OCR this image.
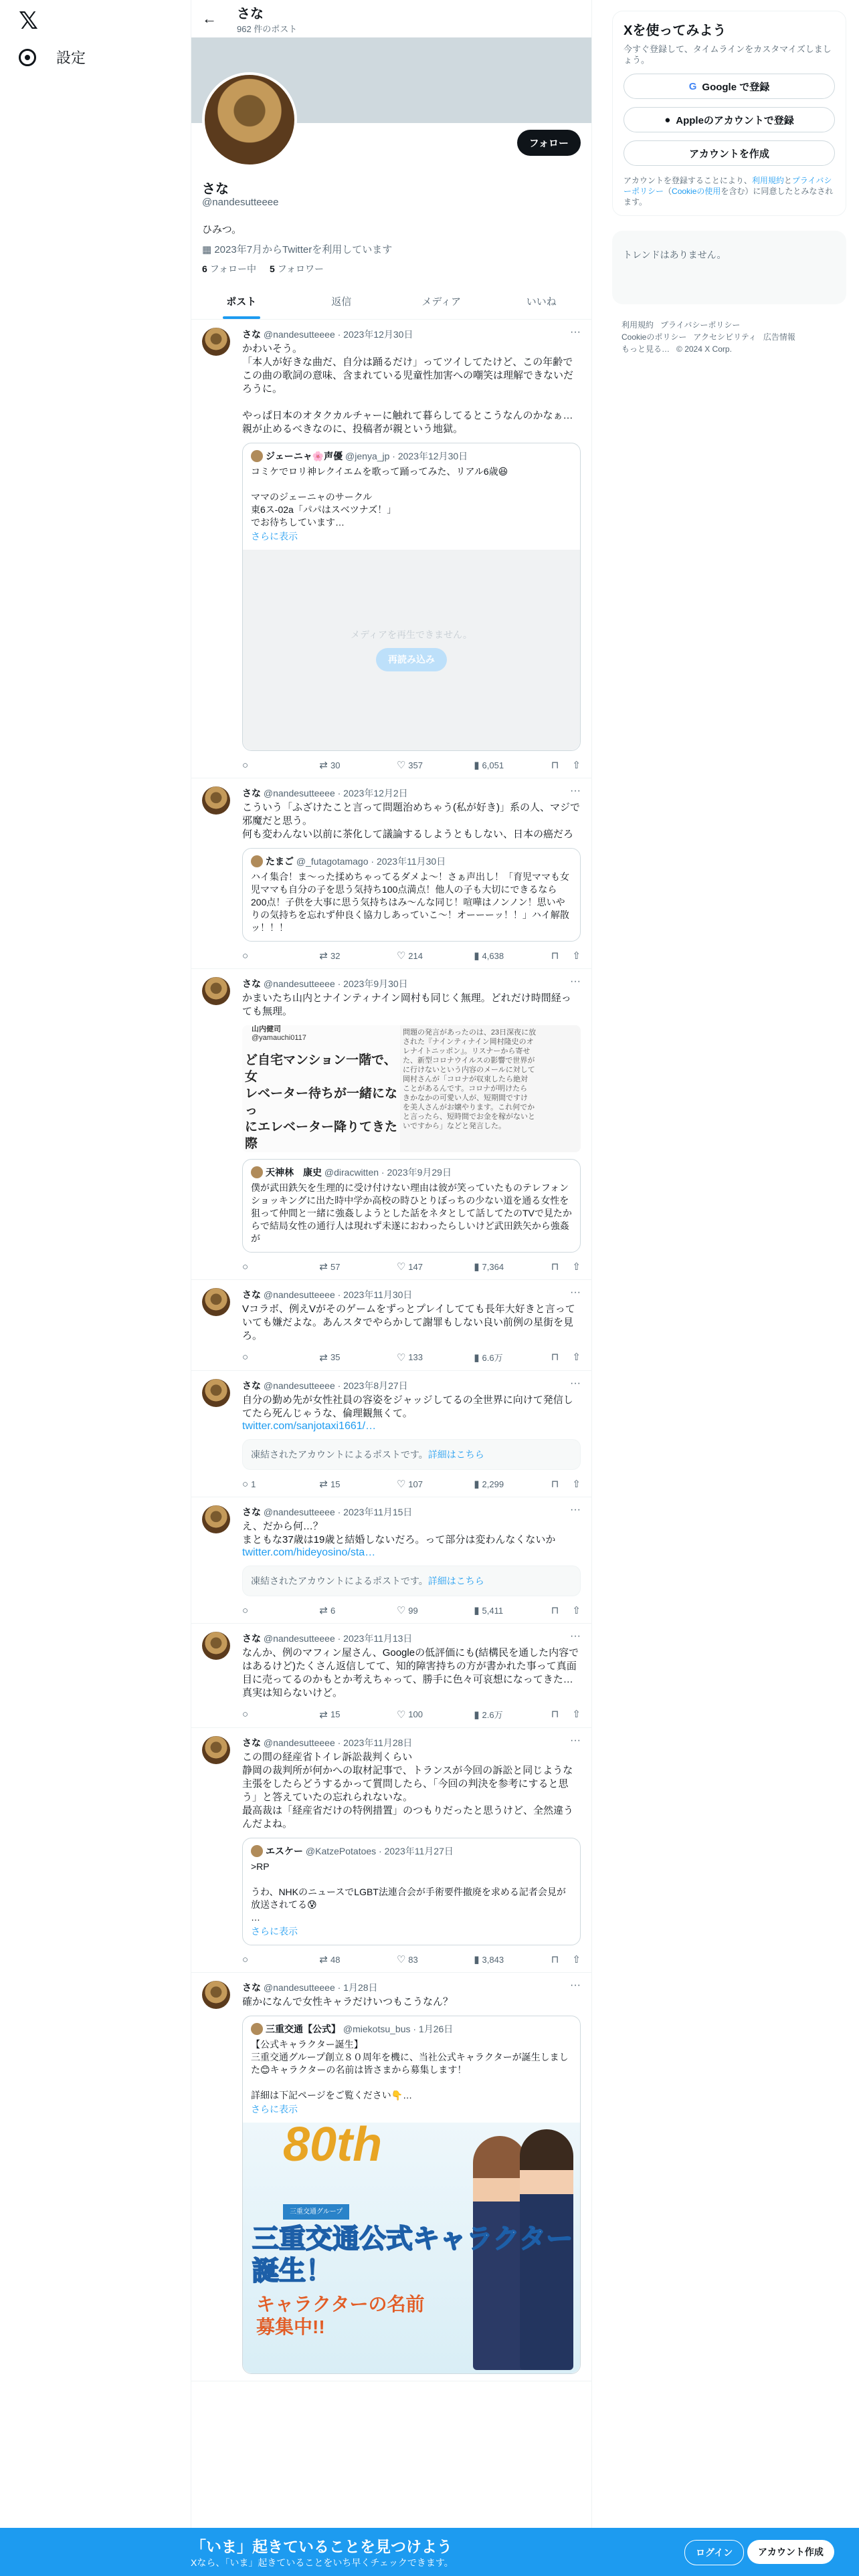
𝕏
設定
← さな
962 件のポスト
フォロー
さな
@nandesutteeee
ひみつ。
▦ 2023年7月からTwitterを利用しています
6 フォロー中 5 フォロワー
ポスト	返信	メディア	いいね
···
さな @nandesutteeee · 2023年12月30日
かわいそう。
「本人が好きな曲だ、自分は踊るだけ」ってツイしてたけど、この年齢でこの曲の歌詞の意味、含まれている児童性加害への嘲笑は理解できないだろうに。

やっぱ日本のオタクカルチャーに触れて暮らしてるとこうなんのかなぁ…親が止めるべきなのに、投稿者が親という地獄。
ジェーニャ🌸声優 @jenya_jp · 2023年12月30日
コミケでロリ神レクイエムを歌って踊ってみた、リアル6歳😆

ママのジェーニャのサークル
東6ス-02a「パパはスベツナズ！」
でお待ちしています…
さらに表示
メディアを再生できません。
再読み込み
○	⇄ 30	♡ 357	▮ 6,051	⊓ ⇧
···
さな @nandesutteeee · 2023年12月2日
こういう「ふざけたこと言って問題治めちゃう(私が好き)」系の人、マジで邪魔だと思う。
何も変わんない以前に茶化して議論するしようともしない、日本の癌だろ
たまご @_futagotamago · 2023年11月30日
ハイ集合！ま〜った揉めちゃってるダメよ〜！さぁ声出し！「育児ママも女児ママも自分の子を思う気持ち100点満点！他人の子も大切にできるなら200点！子供を大事に思う気持ちはみ〜んな同じ！喧嘩はノンノン！思いやりの気持ちを忘れず仲良く協力しあっていこ〜！オーーーッ！！」ハイ解散ッ！！！
○	⇄ 32	♡ 214	▮ 4,638	⊓ ⇧
···
さな @nandesutteeee · 2023年9月30日
かまいたち山内とナインティナイン岡村も同じく無理。どれだけ時間経っても無理。
ど自宅マンション一階で、女
レベーター待ちが一緒になっ
にエレベーター降りてきた際

山内健司
@yamauchi0117
問題の発言があったのは、23日深夜に放
された『ナインティナイン岡村隆史のオ
レナイトニッポン』。リスナーから寄せ
た、新型コロナウイルスの影響で世界が
に行けないという内容のメールに対して
岡村さんが「コロナが収束したら絶対
ことがあるんです。コロナが明けたら
きかなかの可愛い人が、短期間ですけ
を美人さんがお嬢やります。これ何でか
と言ったら、短時間でお金を稼がないと
いですから」などと発言した。
天神林　康史 @diracwitten · 2023年9月29日
僕が武田鉄矢を生理的に受け付けない理由は彼が笑っていたものテレフォンショッキングに出た時中学か高校の時ひとりぼっちの少ない道を通る女性を狙って仲間と一緒に強姦しようとした話をネタとして話してたのTVで見たからで結局女性の通行人は現れず未遂におわったらしいけど武田鉄矢から強姦が
○	⇄ 57	♡ 147	▮ 7,364	⊓ ⇧
···
さな @nandesutteeee · 2023年11月30日
Vコラボ、例えVがそのゲームをずっとプレイしてても長年大好きと言っていても嫌だよな。あんスタでやらかして謝罪もしない良い前例の星街を見ろ。
○	⇄ 35	♡ 133	▮ 6.6万	⊓ ⇧
···
さな @nandesutteeee · 2023年8月27日
自分の勤め先が女性社員の容姿をジャッジしてるの全世界に向けて発信してたら死んじゃうな、倫理観無くて。
twitter.com/sanjotaxi1661/…
凍結されたアカウントによるポストです。詳細はこちら
○ 1	⇄ 15	♡ 107	▮ 2,299	⊓ ⇧
···
さな @nandesutteeee · 2023年11月15日
え、だから何…？
まともな37歳は19歳と結婚しないだろ。って部分は変わんなくないか
twitter.com/hideyosino/sta…
凍結されたアカウントによるポストです。詳細はこちら
○	⇄ 6	♡ 99	▮ 5,411	⊓ ⇧
···
さな @nandesutteeee · 2023年11月13日
なんか、例のマフィン屋さん、Googleの低評価にも(結構民を通した内容ではあるけど)たくさん返信してて、知的障害持ちの方が書かれた事って真面目に売ってるのかもとか考えちゃって、勝手に色々可哀想になってきた…真実は知らないけど。
○	⇄ 15	♡ 100	▮ 2.6万	⊓ ⇧
···
さな @nandesutteeee · 2023年11月28日
この間の経産省トイレ訴訟裁判くらい
静岡の裁判所が何かへの取材記事で、トランスが今回の訴訟と同じような主張をしたらどうするかって質問したら、「今回の判決を参考にすると思う」と答えていたの忘れられないな。
最高裁は「経産省だけの特例措置」のつもりだったと思うけど、全然違うんだよね。
エスケー @KatzePotatoes · 2023年11月27日
>RP

うわ、NHKのニュースでLGBT法連合会が手術要件撤廃を求める記者会見が放送されてる😰
…
さらに表示
○	⇄ 48	♡ 83	▮ 3,843	⊓ ⇧
···
さな @nandesutteeee · 1月28日
確かになんで女性キャラだけいつもこうなん？
三重交通【公式】 @miekotsu_bus · 1月26日
【公式キャラクター誕生】
三重交通グループ創立８０周年を機に、当社公式キャラクターが誕生しました😊キャラクターの名前は皆さまから募集します！

詳細は下記ページをご覧ください👇…
さらに表示
80th
三重交通グループ
三重交通公式キャラクター
誕生！
キャラクターの名前
募集中!!
Xを使ってみよう
今すぐ登録して、タイムラインをカスタマイズしましょう。
G Google で登録
● Appleのアカウントで登録
アカウントを作成
アカウントを登録することにより、利用規約とプライバシーポリシー（Cookieの使用を含む）に同意したとみなされます。
トレンドはありません。
利用規約 プライバシーポリシー
Cookieのポリシー アクセシビリティ 広告情報
もっと見る… © 2024 X Corp.
「いま」起きていることを見つけよう
Xなら、「いま」起きていることをいち早くチェックできます。
ログイン	アカウント作成
